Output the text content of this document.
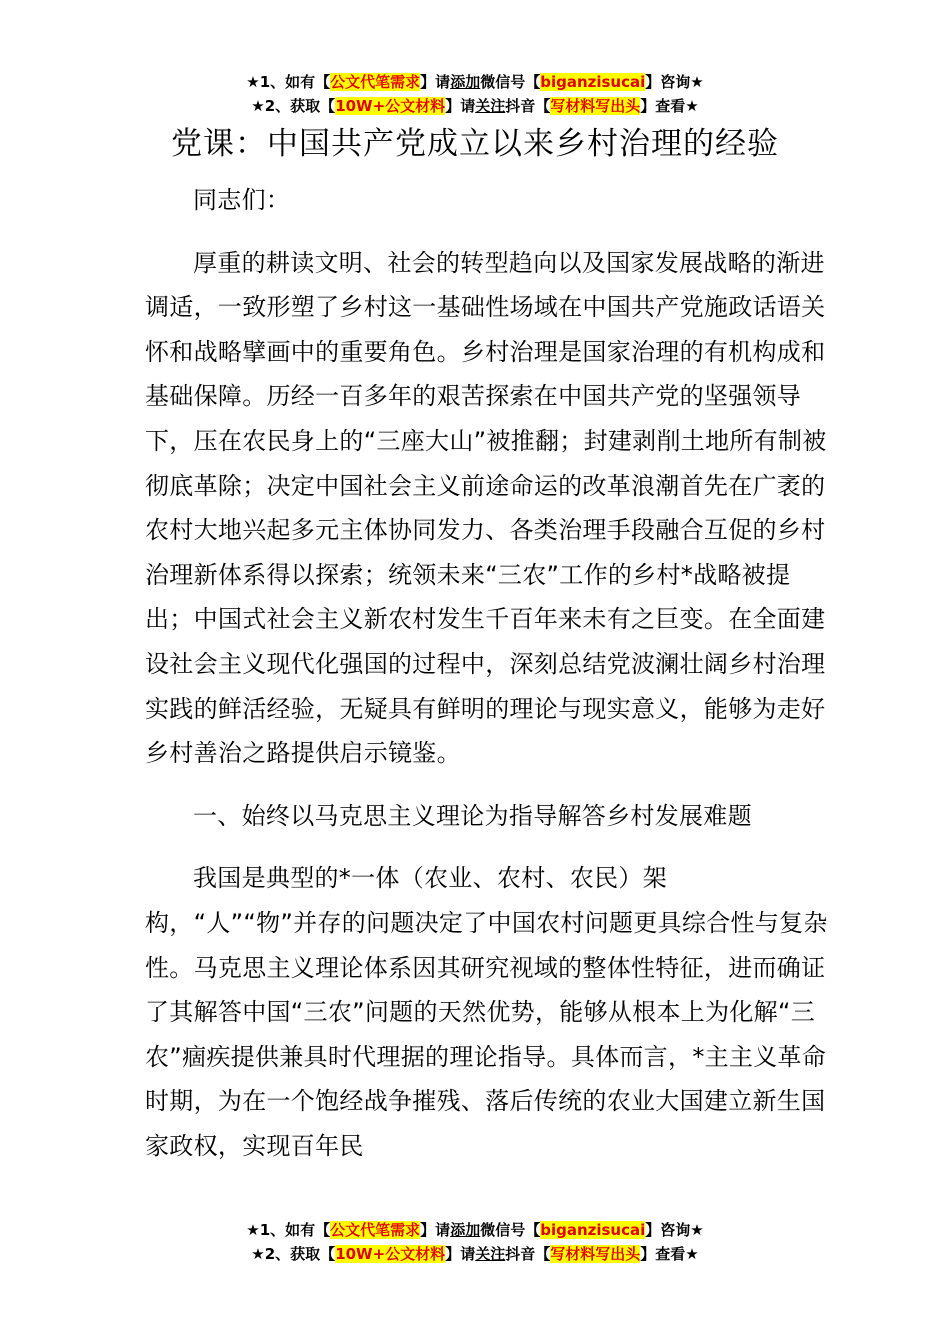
★1、如有【公文代笔需求】请添加微信号【biganzisucai】咨询★
★2、获取【10W+公文材料】请关注抖音【写材料写出头】查看★
党课：中国共产党成立以来乡村治理的经验

同志们：

厚重的耕读文明、社会的转型趋向以及国家发展战略的渐进调适，一致形塑了乡村这一基础性场域在中国共产党施政话语关怀和战略擘画中的重要角色。乡村治理是国家治理的有机构成和基础保障。历经一百多年的艰苦探索在中国共产党的坚强领导下，压在农民身上的“三座大山”被推翻；封建剥削土地所有制被彻底革除；决定中国社会主义前途命运的改革浪潮首先在广袤的农村大地兴起多元主体协同发力、各类治理手段融合互促的乡村治理新体系得以探索；统领未来“三农”工作的乡村*战略被提出；中国式社会主义新农村发生千百年来未有之巨变。在全面建设社会主义现代化强国的过程中，深刻总结党波澜壮阔乡村治理实践的鲜活经验，无疑具有鲜明的理论与现实意义，能够为走好乡村善治之路提供启示镜鉴。

一、始终以马克思主义理论为指导解答乡村发展难题

我国是典型的*一体（农业、农村、农民）架构，“人”“物”并存的问题决定了中国农村问题更具综合性与复杂性。马克思主义理论体系因其研究视域的整体性特征，进而确证了其解答中国“三农”问题的天然优势，能够从根本上为化解“三农”痼疾提供兼具时代理据的理论指导。具体而言，*主主义革命时期，为在一个饱经战争摧残、落后传统的农业大国建立新生国家政权，实现百年民

★1、如有【公文代笔需求】请添加微信号【biganzisucai】咨询★
★2、获取【10W+公文材料】请关注抖音【写材料写出头】查看★
